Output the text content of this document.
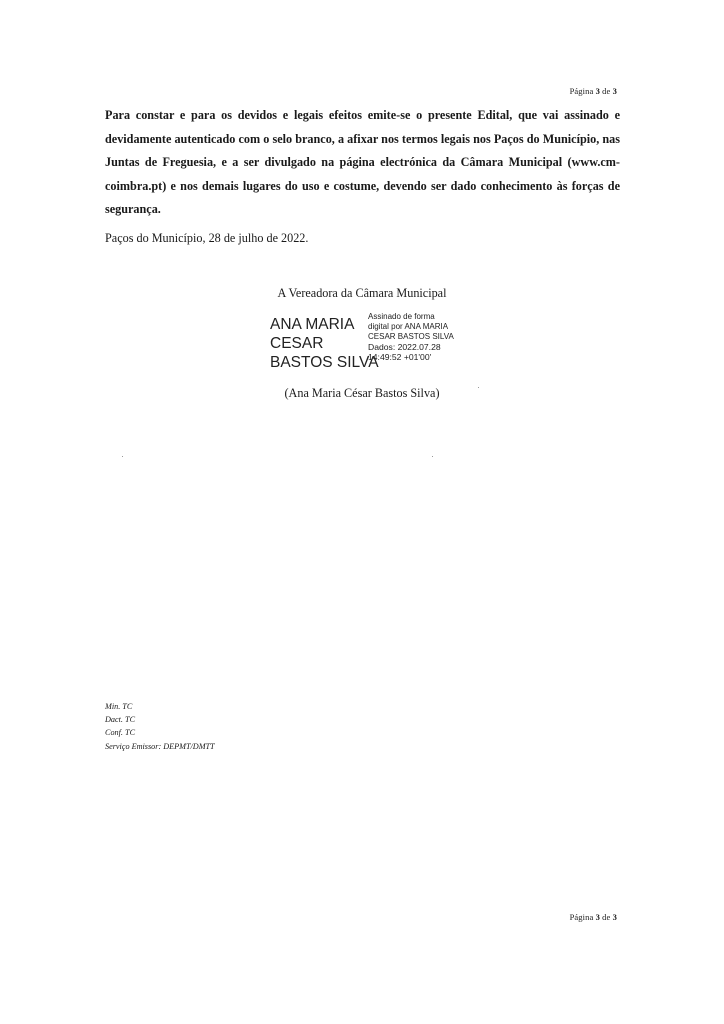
Página 3 de 3

Para constar e para os devidos e legais efeitos emite-se o presente Edital, que vai assinado e devidamente autenticado com o selo branco, a afixar nos termos legais nos Paços do Município, nas Juntas de Freguesia, e a ser divulgado na página electrónica da Câmara Municipal (www.cm-coimbra.pt) e nos demais lugares do uso e costume, devendo ser dado conhecimento às forças de segurança.

Paços do Município, 28 de julho de 2022.

A Vereadora da Câmara Municipal

ANA MARIA
CESAR
BASTOS SILVA
Assinado de forma
digital por ANA MARIA
CESAR BASTOS SILVA
Dados: 2022.07.28
14:49:52 +01'00'

(Ana Maria César Bastos Silva)

Min. TC
Dact. TC
Conf. TC
Serviço Emissor: DEPMT/DMTT
Página 3 de 3
